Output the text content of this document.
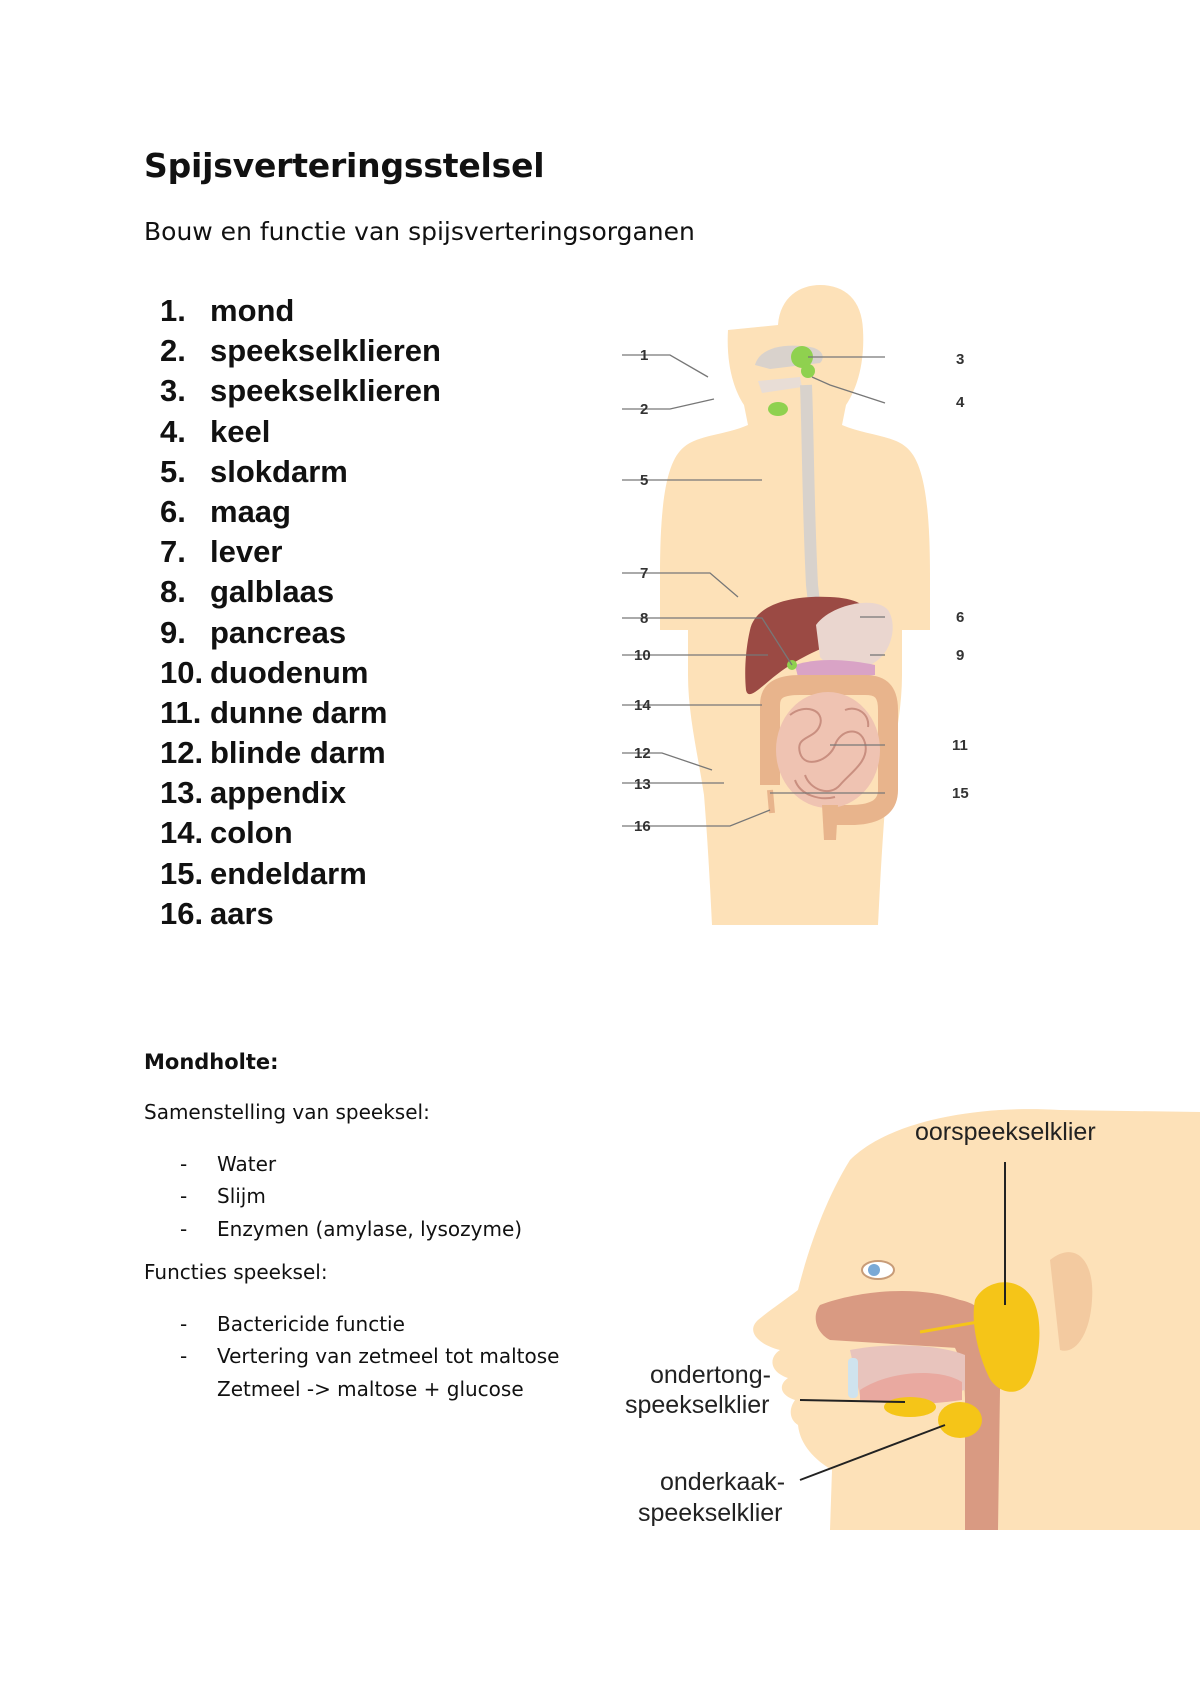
Spijsverteringsstelsel
Bouw en functie van spijsverteringsorganen
1. mond
2. speekselklieren
3. speekselklieren
4. keel
5. slokdarm
6. maag
7. lever
8. galblaas
9. pancreas
10. duodenum
11. dunne darm
12. blinde darm
13. appendix
14. colon
15. endeldarm
16. aars
1
2
3
4
5
6
7
8
9
10
11
12
13
14
15
16
Mondholte:
Samenstelling van speeksel:
- Water
- Slijm
- Enzymen (amylase, lysozyme)
Functies speeksel:
- Bactericide functie
- Vertering van zetmeel tot maltose
Zetmeel -> maltose + glucose
oorspeekselklier
ondertong-
speekselklier
onderkaak-
speekselklier
